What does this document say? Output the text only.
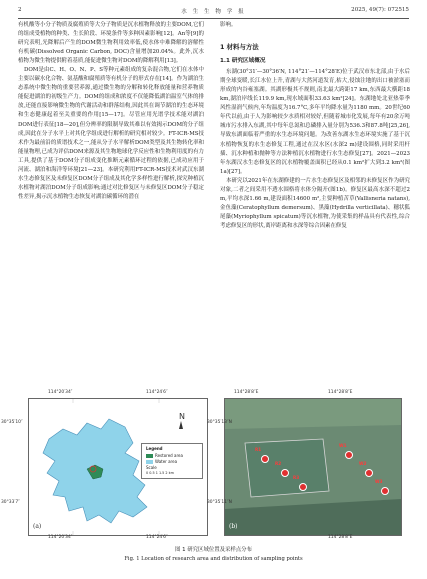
2	水 生 生 物 学 报	2025, 49(7): 072515

有机酸等小分子物质及腐殖质等大分子物质是沉水植物释放的主要DOM,它们的组成受植物的种类、生长阶段、环境条件等多种因素影响[12]。An等[9]的研究表明,光降解后产生的DOM微生物利用效率低,使水体中难降解的溶解性有机碳(Dissolved Organic Carbon, DOC)含量增加20.04%。此外,沉水植物为微生物提供附着基质,能促进微生物对DOM的降解利用[13]。

DOM是由C、H、O、N、P、S等种元素组成的复杂混合物,它们在水体中主要以碳水化合物、氨基酸和腐殖质等有机分子的形式存在[14]。作为湖泊生态系统中微生物的重要营养源,通过微生物的分解和转化释放能量和营养物质能促进湖泊的初级生产力。DOM的组成和浓度不仅能降低湖泊温室气体的排放,还能直接影响微生物的代谢活动和群落结构,因此其在调节湖泊的生态环境和生态健康起着至关重要的作用[15—17]。尽管应用光谱学技术能对湖泊DOM进行表征[18—20],但分辨率的限制导致其难以有效揭示DOM的分子组成,因此在分子水平上对其化学组成进行解析的研究相对较少。FT-ICR-MS技术作为最前沿的质谱技术之一,能从分子水平解析DOM类型及其生物转化率和能量物理,已成为评估DOM来源及其生物地球化学反应性和生物利用度的有力工具,提供了基于DOM分子组成变化推断元素循环过程的依据,已成功应用于河流、湖泊和海洋等环境[21—23]。本研究利用FT-ICR-MS技术对武汉东湖水生态修复区及未修复区DOM分子组成及其化学多样性进行解析,探究种植沉水植物对湖泊DOM分子组成影响;通过对比修复区与未修复区DOM分子稳定性差异,揭示沉水植物生态恢复对湖泊碳循环的潜在

影响。

1 材料与方法
1.1 研究区域概况

东湖(30°31′—30°36′N, 114°21′—114°28′E)位于武汉市东北部,由于水后期全球变暖,长江水位上升,青湖与大然河道发育,枯大,侵蚀注地的出口被淤塞而形成的内谷雍塞湖。其湖形极其不规则,南北最大跨距17 km,东西最大横距18 km,湖泊岸线长119.9 km,现水域面积33.63 km²[24]。东湖地处北亚热带季风性湿润气候内,年均温度为16.7°C,多年平均降水量为1180 mm。20世纪60年代以前,由于人为影响较少水质相对较好,但随着城市化发展,每年有20余万吨城市污水排入东湖,其中每年总氮和总磷排入量分别为536.3和87.8吨[25,26],导致东湖面临着严重的水生态环境问题。为改善东湖水生态环境实施了基于沉水植物恢复的水生态修复工程,通过在汉水区(水深2 m)建设围格,同时采用杆插、沉水种植和抛种等方法种植沉水植物进行水生态修复[27]。2021—2023年东湖汉水生态修复区的沉水植物覆盖面积已经从0.1 km²扩大到3.2 km²(图1a)[27]。

本研究以2021年在东湖修建的一片水生态修复区及相邻的未修复区作为研究对象,二者之间采用不透水围格将水体分隔开(图1b)。修复区最高水深不超过2 m,平均水深1.66 m,建设面积14600 m²,主要种植苦草(Vallisneria natans),金鱼藻(Ceratophyllum demersum)、黑藻(Hydrilla verticillata)、穗状狐尾藻(Myriophyllum spicatum)等沉水植物,为使采集的样品具有代表性,综合考虑修复区的形状,离岸距离和水深等综合因素在修复

N
Legend
Restored area
Water area
Scale
0 0.5 1 1.5 2 km
(a)
114°20′34″	114°24′6″
114°20′34″	114°24′6″
R1
R2
R3
W1
W2
W3
(b)
114°28′8″E	114°28′8″E
114°28′8″E
30°35′10″
30°33′7″
30°35′13″N
30°35′11″N
图 1 研究区域位置及采样点分布
Fig. 1 Location of research area and distribution of sampling points
